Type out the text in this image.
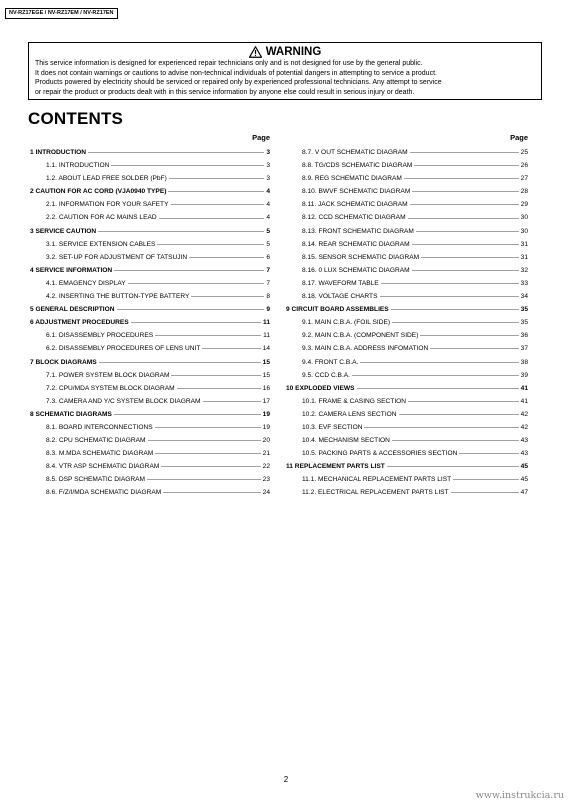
NV-RZ17EGE / NV-RZ17EM / NV-RZ17EN
WARNING
This service information is designed for experienced repair technicians only and is not designed for use by the general public.
It does not contain warnings or cautions to advise non-technical individuals of potential dangers in attempting to service a product.
Products powered by electricity should be serviced or repaired only by experienced professional technicians. Any attempt to service
or repair the product or products dealt with in this service information by anyone else could result in serious injury or death.
CONTENTS
Page
1 INTRODUCTION	3
1.1. INTRODUCTION	3
1.2. ABOUT LEAD FREE SOLDER (PbF)	3
2 CAUTION FOR AC CORD (VJA0940 TYPE)	4
2.1. INFORMATION FOR YOUR SAFETY	4
2.2. CAUTION FOR AC MAINS LEAD	4
3 SERVICE CAUTION	5
3.1. SERVICE EXTENSION CABLES	5
3.2. SET-UP FOR ADJUSTMENT OF TATSUJIN	6
4 SERVICE INFORMATION	7
4.1. EMAGENCY DISPLAY	7
4.2. INSERTING THE BUTTON-TYPE BATTERY	8
5 GENERAL DESCRIPTION	9
6 ADJUSTMENT PROCEDURES	11
6.1. DISASSEMBLY PROCEDURES	11
6.2. DISASSEMBLY PROCEDURES OF LENS UNIT	14
7 BLOCK DIAGRAMS	15
7.1. POWER SYSTEM BLOCK DIAGRAM	15
7.2. CPU/MDA SYSTEM BLOCK DIAGRAM	16
7.3. CAMERA AND Y/C SYSTEM BLOCK DIAGRAM	17
8 SCHEMATIC DIAGRAMS	19
8.1. BOARD INTERCONNECTIONS	19
8.2. CPU SCHEMATIC DIAGRAM	20
8.3. M.MDA SCHEMATIC DIAGRAM	21
8.4. VTR ASP SCHEMATIC DIAGRAM	22
8.5. DSP SCHEMATIC DIAGRAM	23
8.6. F/Z/I/MDA SCHEMATIC DIAGRAM	24
Page
8.7. V OUT SCHEMATIC DIAGRAM	25
8.8. TG/CDS SCHEMATIC DIAGRAM	26
8.9. REG SCHEMATIC DIAGRAM	27
8.10. BWVF SCHEMATIC DIAGRAM	28
8.11. JACK SCHEMATIC DIAGRAM	29
8.12. CCD SCHEMATIC DIAGRAM	30
8.13. FRONT SCHEMATIC DIAGRAM	30
8.14. REAR SCHEMATIC DIAGRAM	31
8.15. SENSOR SCHEMATIC DIAGRAM	31
8.16. 0 LUX SCHEMATIC DIAGRAM	32
8.17. WAVEFORM TABLE	33
8.18. VOLTAGE CHARTS	34
9 CIRCUIT BOARD ASSEMBLIES	35
9.1. MAIN C.B.A. (FOIL SIDE)	35
9.2. MAIN C.B.A. (COMPONENT SIDE)	36
9.3. MAIN C.B.A. ADDRESS INFOMATION	37
9.4. FRONT C.B.A.	38
9.5. CCD C.B.A.	39
10 EXPLODED VIEWS	41
10.1. FRAME & CASING SECTION	41
10.2. CAMERA LENS SECTION	42
10.3. EVF SECTION	42
10.4. MECHANISM SECTION	43
10.5. PACKING PARTS & ACCESSORIES SECTION	43
11 REPLACEMENT PARTS LIST	45
11.1. MECHANICAL REPLACEMENT PARTS LIST	45
11.2. ELECTRICAL REPLACEMENT PARTS LIST	47
2
www.instrukcia.ru
